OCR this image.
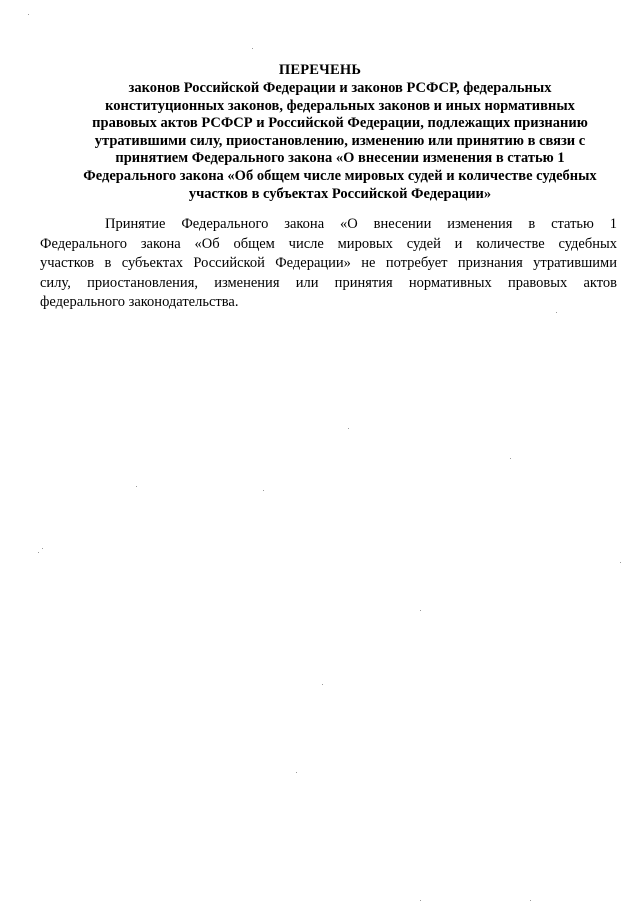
ПЕРЕЧЕНЬ
законов Российской Федерации и законов РСФСР, федеральных
конституционных законов, федеральных законов и иных нормативных
правовых актов РСФСР и Российской Федерации, подлежащих признанию
утратившими силу, приостановлению, изменению или принятию в связи с
принятием Федерального закона «О внесении изменения в статью 1
Федерального закона «Об общем числе мировых судей и количестве судебных
участков в субъектах Российской Федерации»
Принятие Федерального закона «О внесении изменения в статью 1
Федерального закона «Об общем числе мировых судей и количестве судебных
участков в субъектах Российской Федерации» не потребует признания утратившими
силу, приостановления, изменения или принятия нормативных правовых актов
федерального законодательства.
